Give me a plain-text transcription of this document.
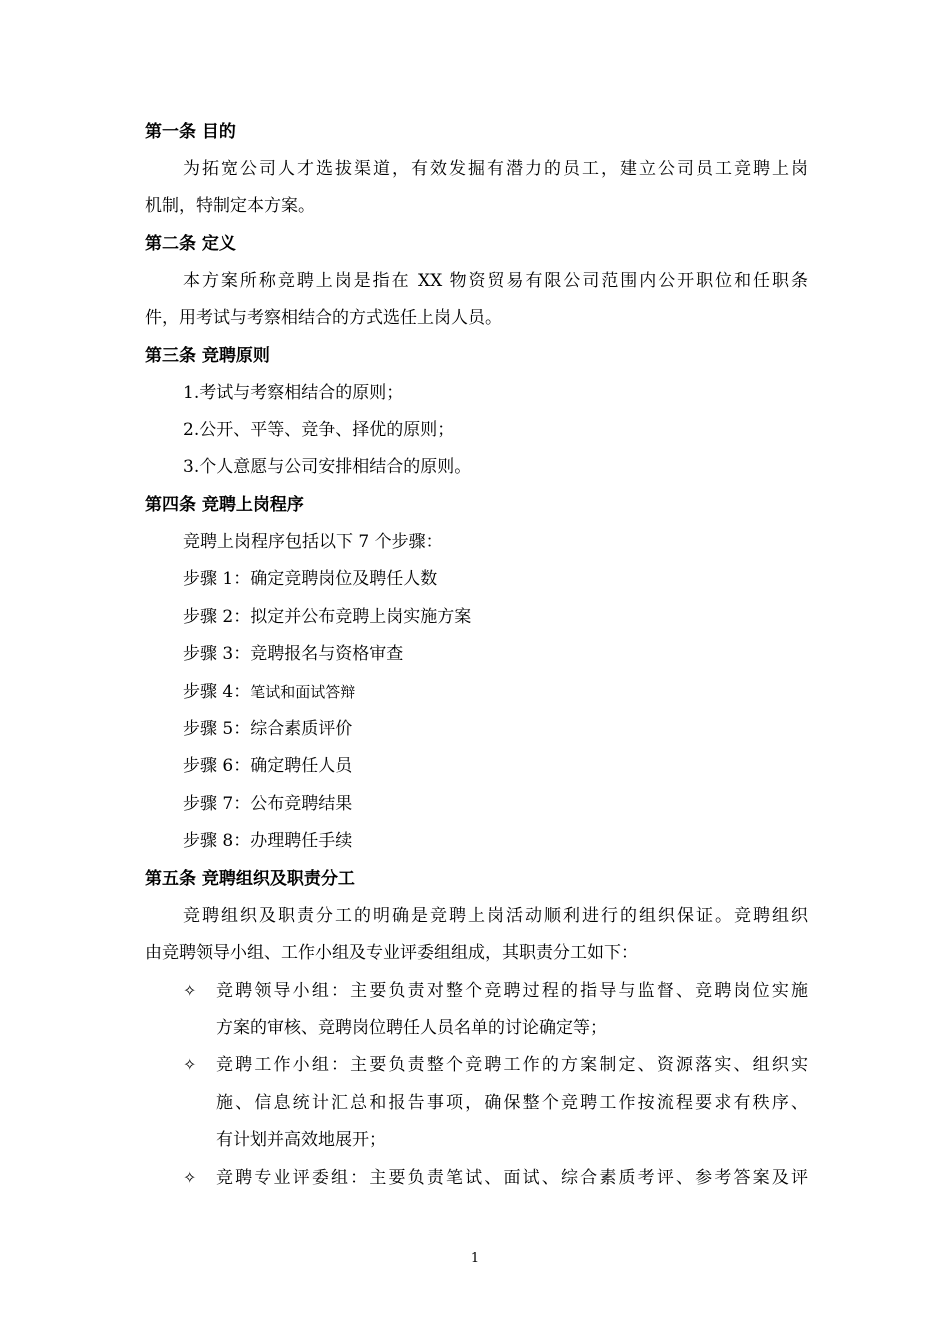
第一条 目的
为拓宽公司人才选拔渠道，有效发掘有潜力的员工，建立公司员工竞聘上岗
机制，特制定本方案。
第二条 定义
本方案所称竞聘上岗是指在 XX 物资贸易有限公司范围内公开职位和任职条
件，用考试与考察相结合的方式选任上岗人员。
第三条 竞聘原则
1.考试与考察相结合的原则；
2.公开、平等、竞争、择优的原则；
3.个人意愿与公司安排相结合的原则。
第四条 竞聘上岗程序
竞聘上岗程序包括以下 7 个步骤：
步骤 1：确定竞聘岗位及聘任人数
步骤 2：拟定并公布竞聘上岗实施方案
步骤 3：竞聘报名与资格审查
步骤 4：笔试和面试答辩
步骤 5：综合素质评价
步骤 6：确定聘任人员
步骤 7：公布竞聘结果
步骤 8：办理聘任手续
第五条 竞聘组织及职责分工
竞聘组织及职责分工的明确是竞聘上岗活动顺利进行的组织保证。竞聘组织
由竞聘领导小组、工作小组及专业评委组组成，其职责分工如下：
✧	竞聘领导小组：主要负责对整个竞聘过程的指导与监督、竞聘岗位实施
方案的审核、竞聘岗位聘任人员名单的讨论确定等；
✧	竞聘工作小组：主要负责整个竞聘工作的方案制定、资源落实、组织实
施、信息统计汇总和报告事项，确保整个竞聘工作按流程要求有秩序、
有计划并高效地展开；
✧	竞聘专业评委组：主要负责笔试、面试、综合素质考评、参考答案及评
1
